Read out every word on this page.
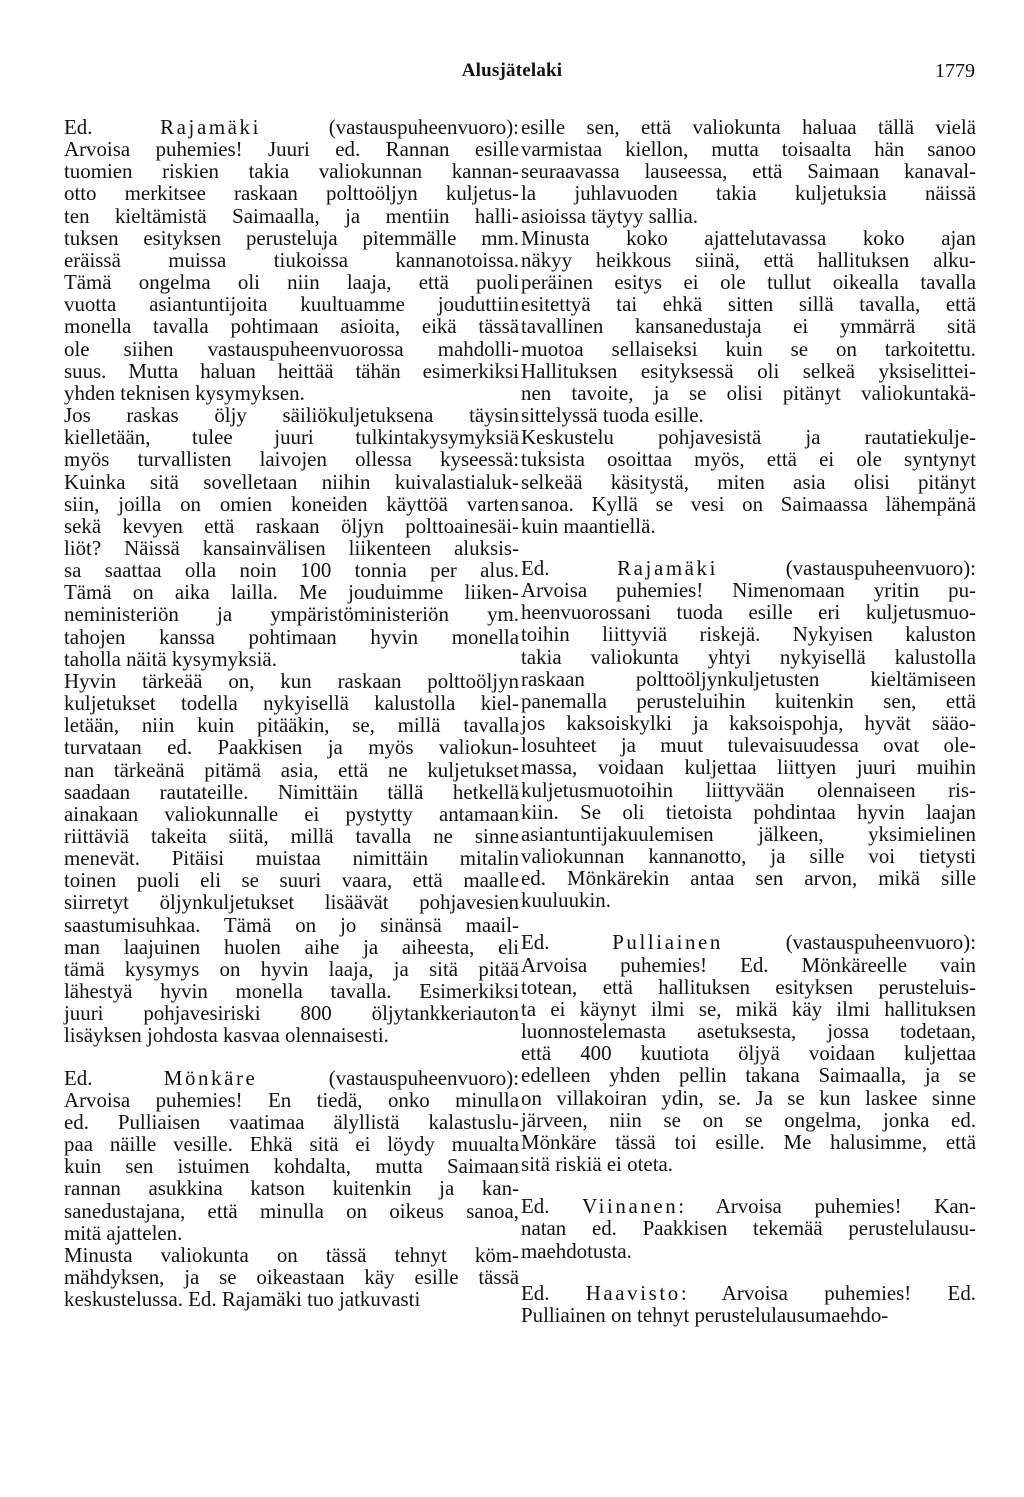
Alusjätelaki	1779
Ed. Rajamäki (vastauspuheenvuoro):
Arvoisa puhemies! Juuri ed. Rannan esille
tuomien riskien takia valiokunnan kannan-
otto merkitsee raskaan polttoöljyn kuljetus-
ten kieltämistä Saimaalla, ja mentiin halli-
tuksen esityksen perusteluja pitemmälle mm.
eräissä muissa tiukoissa kannanotoissa.
Tämä ongelma oli niin laaja, että puoli
vuotta asiantuntijoita kuultuamme jouduttiin
monella tavalla pohtimaan asioita, eikä tässä
ole siihen vastauspuheenvuorossa mahdolli-
suus. Mutta haluan heittää tähän esimerkiksi
yhden teknisen kysymyksen.
Jos raskas öljy säiliökuljetuksena täysin
kielletään, tulee juuri tulkintakysymyksiä
myös turvallisten laivojen ollessa kyseessä:
Kuinka sitä sovelletaan niihin kuivalastialuk-
siin, joilla on omien koneiden käyttöä varten
sekä kevyen että raskaan öljyn polttoainesäi-
liöt? Näissä kansainvälisen liikenteen aluksis-
sa saattaa olla noin 100 tonnia per alus.
Tämä on aika lailla. Me jouduimme liiken-
neministeriön ja ympäristöministeriön ym.
tahojen kanssa pohtimaan hyvin monella
taholla näitä kysymyksiä.
Hyvin tärkeää on, kun raskaan polttoöljyn
kuljetukset todella nykyisellä kalustolla kiel-
letään, niin kuin pitääkin, se, millä tavalla
turvataan ed. Paakkisen ja myös valiokun-
nan tärkeänä pitämä asia, että ne kuljetukset
saadaan rautateille. Nimittäin tällä hetkellä
ainakaan valiokunnalle ei pystytty antamaan
riittäviä takeita siitä, millä tavalla ne sinne
menevät. Pitäisi muistaa nimittäin mitalin
toinen puoli eli se suuri vaara, että maalle
siirretyt öljynkuljetukset lisäävät pohjavesien
saastumisuhkaa. Tämä on jo sinänsä maail-
man laajuinen huolen aihe ja aiheesta, eli
tämä kysymys on hyvin laaja, ja sitä pitää
lähestyä hyvin monella tavalla. Esimerkiksi
juuri pohjavesiriski 800 öljytankkeriauton
lisäyksen johdosta kasvaa olennaisesti.
Ed. Mönkäre (vastauspuheenvuoro):
Arvoisa puhemies! En tiedä, onko minulla
ed. Pulliaisen vaatimaa älyllistä kalastuslu-
paa näille vesille. Ehkä sitä ei löydy muualta
kuin sen istuimen kohdalta, mutta Saimaan
rannan asukkina katson kuitenkin ja kan-
sanedustajana, että minulla on oikeus sanoa,
mitä ajattelen.
Minusta valiokunta on tässä tehnyt köm-
mähdyksen, ja se oikeastaan käy esille tässä
keskustelussa. Ed. Rajamäki tuo jatkuvasti
esille sen, että valiokunta haluaa tällä vielä
varmistaa kiellon, mutta toisaalta hän sanoo
seuraavassa lauseessa, että Saimaan kanaval-
la juhlavuoden takia kuljetuksia näissä
asioissa täytyy sallia.
Minusta koko ajattelutavassa koko ajan
näkyy heikkous siinä, että hallituksen alku-
peräinen esitys ei ole tullut oikealla tavalla
esitettyä tai ehkä sitten sillä tavalla, että
tavallinen kansanedustaja ei ymmärrä sitä
muotoa sellaiseksi kuin se on tarkoitettu.
Hallituksen esityksessä oli selkeä yksiselittei-
nen tavoite, ja se olisi pitänyt valiokuntakä-
sittelyssä tuoda esille.
Keskustelu pohjavesistä ja rautatiekulje-
tuksista osoittaa myös, että ei ole syntynyt
selkeää käsitystä, miten asia olisi pitänyt
sanoa. Kyllä se vesi on Saimaassa lähempänä
kuin maantiellä.
Ed. Rajamäki (vastauspuheenvuoro):
Arvoisa puhemies! Nimenomaan yritin pu-
heenvuorossani tuoda esille eri kuljetusmuo-
toihin liittyviä riskejä. Nykyisen kaluston
takia valiokunta yhtyi nykyisellä kalustolla
raskaan polttoöljynkuljetusten kieltämiseen
panemalla perusteluihin kuitenkin sen, että
jos kaksoiskylki ja kaksoispohja, hyvät sääo-
losuhteet ja muut tulevaisuudessa ovat ole-
massa, voidaan kuljettaa liittyen juuri muihin
kuljetusmuotoihin liittyvään olennaiseen ris-
kiin. Se oli tietoista pohdintaa hyvin laajan
asiantuntijakuulemisen jälkeen, yksimielinen
valiokunnan kannanotto, ja sille voi tietysti
ed. Mönkärekin antaa sen arvon, mikä sille
kuuluukin.
Ed. Pulliainen (vastauspuheenvuoro):
Arvoisa puhemies! Ed. Mönkäreelle vain
totean, että hallituksen esityksen perusteluis-
ta ei käynyt ilmi se, mikä käy ilmi hallituksen
luonnostelemasta asetuksesta, jossa todetaan,
että 400 kuutiota öljyä voidaan kuljettaa
edelleen yhden pellin takana Saimaalla, ja se
on villakoiran ydin, se. Ja se kun laskee sinne
järveen, niin se on se ongelma, jonka ed.
Mönkäre tässä toi esille. Me halusimme, että
sitä riskiä ei oteta.
Ed. Viinanen: Arvoisa puhemies! Kan-
natan ed. Paakkisen tekemää perustelulausu-
maehdotusta.
Ed. Haavisto: Arvoisa puhemies! Ed.
Pulliainen on tehnyt perustelulausumaehdo-
